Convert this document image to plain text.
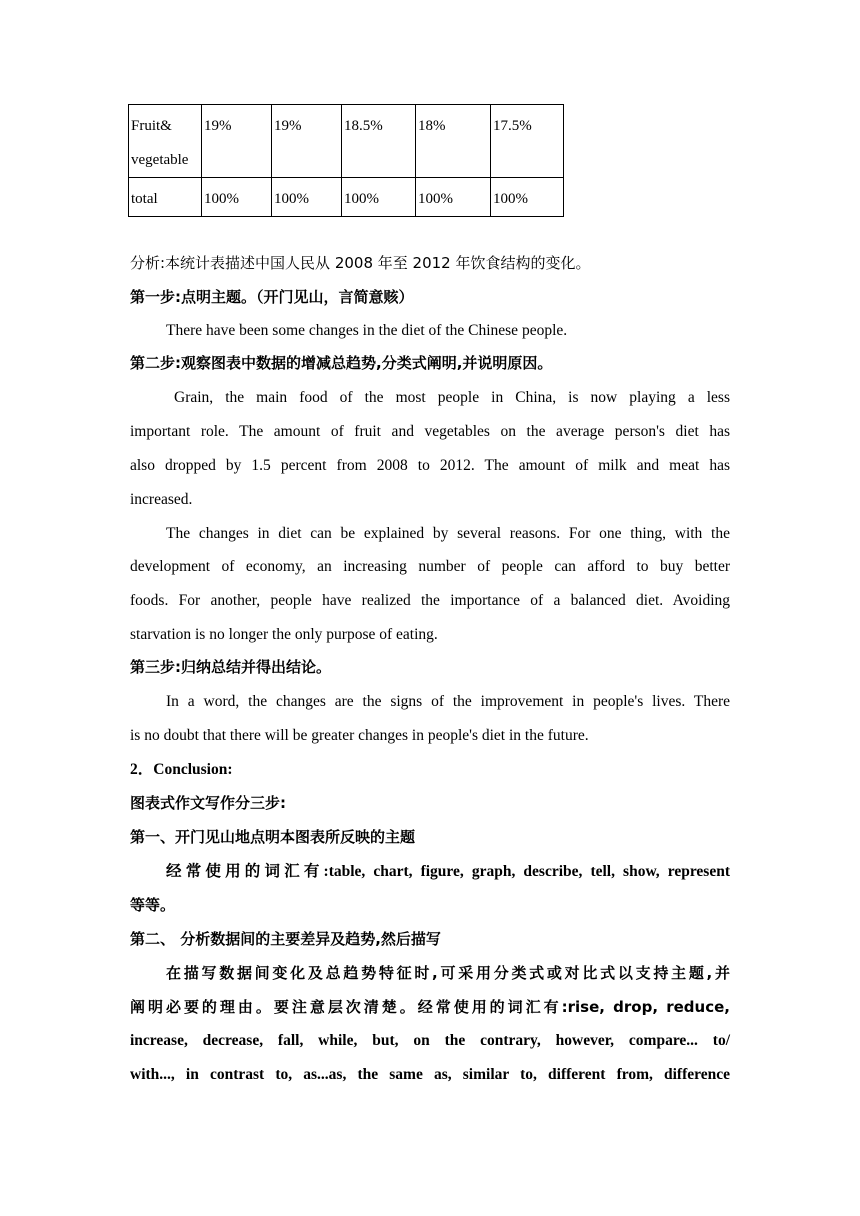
Fruit&
vegetable	19%	19%	18.5%	18%	17.5%
total	100%	100%	100%	100%	100%
分析:本统计表描述中国人民从 2008 年至 2012 年饮食结构的变化。
第一步:点明主题。（开门见山，言简意赅）
There have been some changes in the diet of the Chinese people.
第二步:观察图表中数据的增减总趋势,分类式阐明,并说明原因。
Grain, the main food of the most people in China, is now playing a less
important role. The amount of fruit and vegetables on the average person's diet has
also dropped by 1.5 percent from 2008 to 2012. The amount of milk and meat has
increased.
The changes in diet can be explained by several reasons. For one thing, with the
development of economy, an increasing number of people can afford to buy better
foods. For another, people have realized the importance of a balanced diet. Avoiding
starvation is no longer the only purpose of eating.
第三步:归纳总结并得出结论。
In a word, the changes are the signs of the improvement in people's lives. There
is no doubt that there will be greater changes in people's diet in the future.
2．Conclusion:
图表式作文写作分三步:
第一、开门见山地点明本图表所反映的主题
经常使用的词汇有:table, chart, figure, graph, describe, tell, show, represent
等等。
第二、 分析数据间的主要差异及趋势,然后描写
在描写数据间变化及总趋势特征时,可采用分类式或对比式以支持主题,并
阐明必要的理由。要注意层次清楚。经常使用的词汇有:rise, drop, reduce,
increase, decrease, fall, while, but, on the contrary, however, compare... to/
with..., in contrast to, as...as, the same as, similar to, different from, difference
